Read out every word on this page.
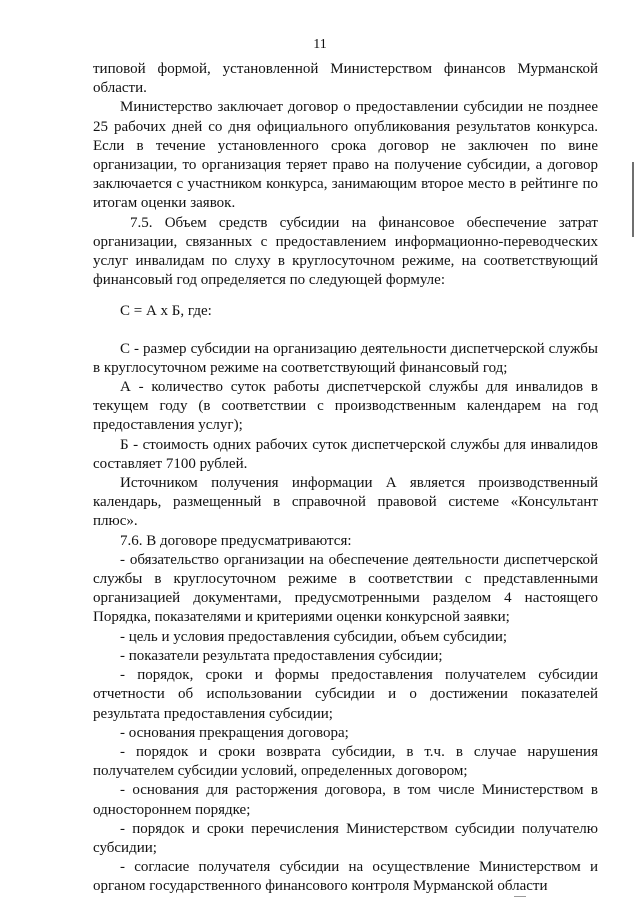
11

типовой формой, установленной Министерством финансов Мурманской области.

Министерство заключает договор о предоставлении субсидии не позднее 25 рабочих дней со дня официального опубликования результатов конкурса. Если в течение установленного срока договор не заключен по вине организации, то организация теряет право на получение субсидии, а договор заключается с участником конкурса, занимающим второе место в рейтинге по итогам оценки заявок.

7.5. Объем средств субсидии на финансовое обеспечение затрат организации, связанных с предоставлением информационно-переводческих услуг инвалидам по слуху в круглосуточном режиме, на соответствующий финансовый год определяется по следующей формуле:

С = А х Б, где:

С - размер субсидии на организацию деятельности диспетчерской службы в круглосуточном режиме на соответствующий финансовый год;

А - количество суток работы диспетчерской службы для инвалидов в текущем году (в соответствии с производственным календарем на год предоставления услуг);

Б - стоимость одних рабочих суток диспетчерской службы для инвалидов составляет 7100 рублей.

Источником получения информации А является производственный календарь, размещенный в справочной правовой системе «Консультант плюс».

7.6. В договоре предусматриваются:

- обязательство организации на обеспечение деятельности диспетчерской службы в круглосуточном режиме в соответствии с представленными организацией документами, предусмотренными разделом 4 настоящего Порядка, показателями и критериями оценки конкурсной заявки;

- цель и условия предоставления субсидии, объем субсидии;

- показатели результата предоставления субсидии;

- порядок, сроки и формы предоставления получателем субсидии отчетности об использовании субсидии и о достижении показателей результата предоставления субсидии;

- основания прекращения договора;

- порядок и сроки возврата субсидии, в т.ч. в случае нарушения получателем субсидии условий, определенных договором;

- основания для расторжения договора, в том числе Министерством в одностороннем порядке;

- порядок и сроки перечисления Министерством субсидии получателю субсидии;

- согласие получателя субсидии на осуществление Министерством и органом государственного финансового контроля Мурманской области
